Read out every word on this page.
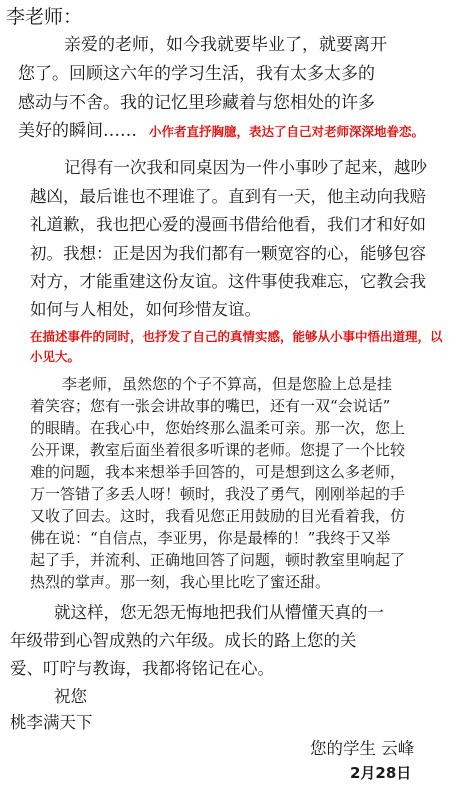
李老师：
亲爱的老师，如今我就要毕业了，就要离开
您了。回顾这六年的学习生活，我有太多太多的
感动与不舍。我的记忆里珍藏着与您相处的许多
美好的瞬间…… 小作者直抒胸臆，表达了自己对老师深深地眷恋。
记得有一次我和同桌因为一件小事吵了起来，越吵
越凶，最后谁也不理谁了。直到有一天，他主动向我赔
礼道歉，我也把心爱的漫画书借给他看，我们才和好如
初。我想：正是因为我们都有一颗宽容的心，能够包容
对方，才能重建这份友谊。这件事使我难忘，它教会我
如何与人相处，如何珍惜友谊。
在描述事件的同时，也抒发了自己的真情实感，能够从小事中悟出道理，以
小见大。
李老师，虽然您的个子不算高，但是您脸上总是挂
着笑容；您有一张会讲故事的嘴巴，还有一双“会说话”
的眼睛。在我心中，您始终那么温柔可亲。那一次，您上
公开课，教室后面坐着很多听课的老师。您提了一个比较
难的问题，我本来想举手回答的，可是想到这么多老师，
万一答错了多丢人呀！顿时，我没了勇气，刚刚举起的手
又收了回去。这时，我看见您正用鼓励的目光看着我，仿
佛在说：“自信点，李亚男，你是最棒的！”我终于又举
起了手，并流利、正确地回答了问题，顿时教室里响起了
热烈的掌声。那一刻，我心里比吃了蜜还甜。
就这样，您无怨无悔地把我们从懵懂天真的一
年级带到心智成熟的六年级。成长的路上您的关
爱、叮咛与教诲，我都将铭记在心。
祝您
桃李满天下
您的学生 云峰
2月28日
